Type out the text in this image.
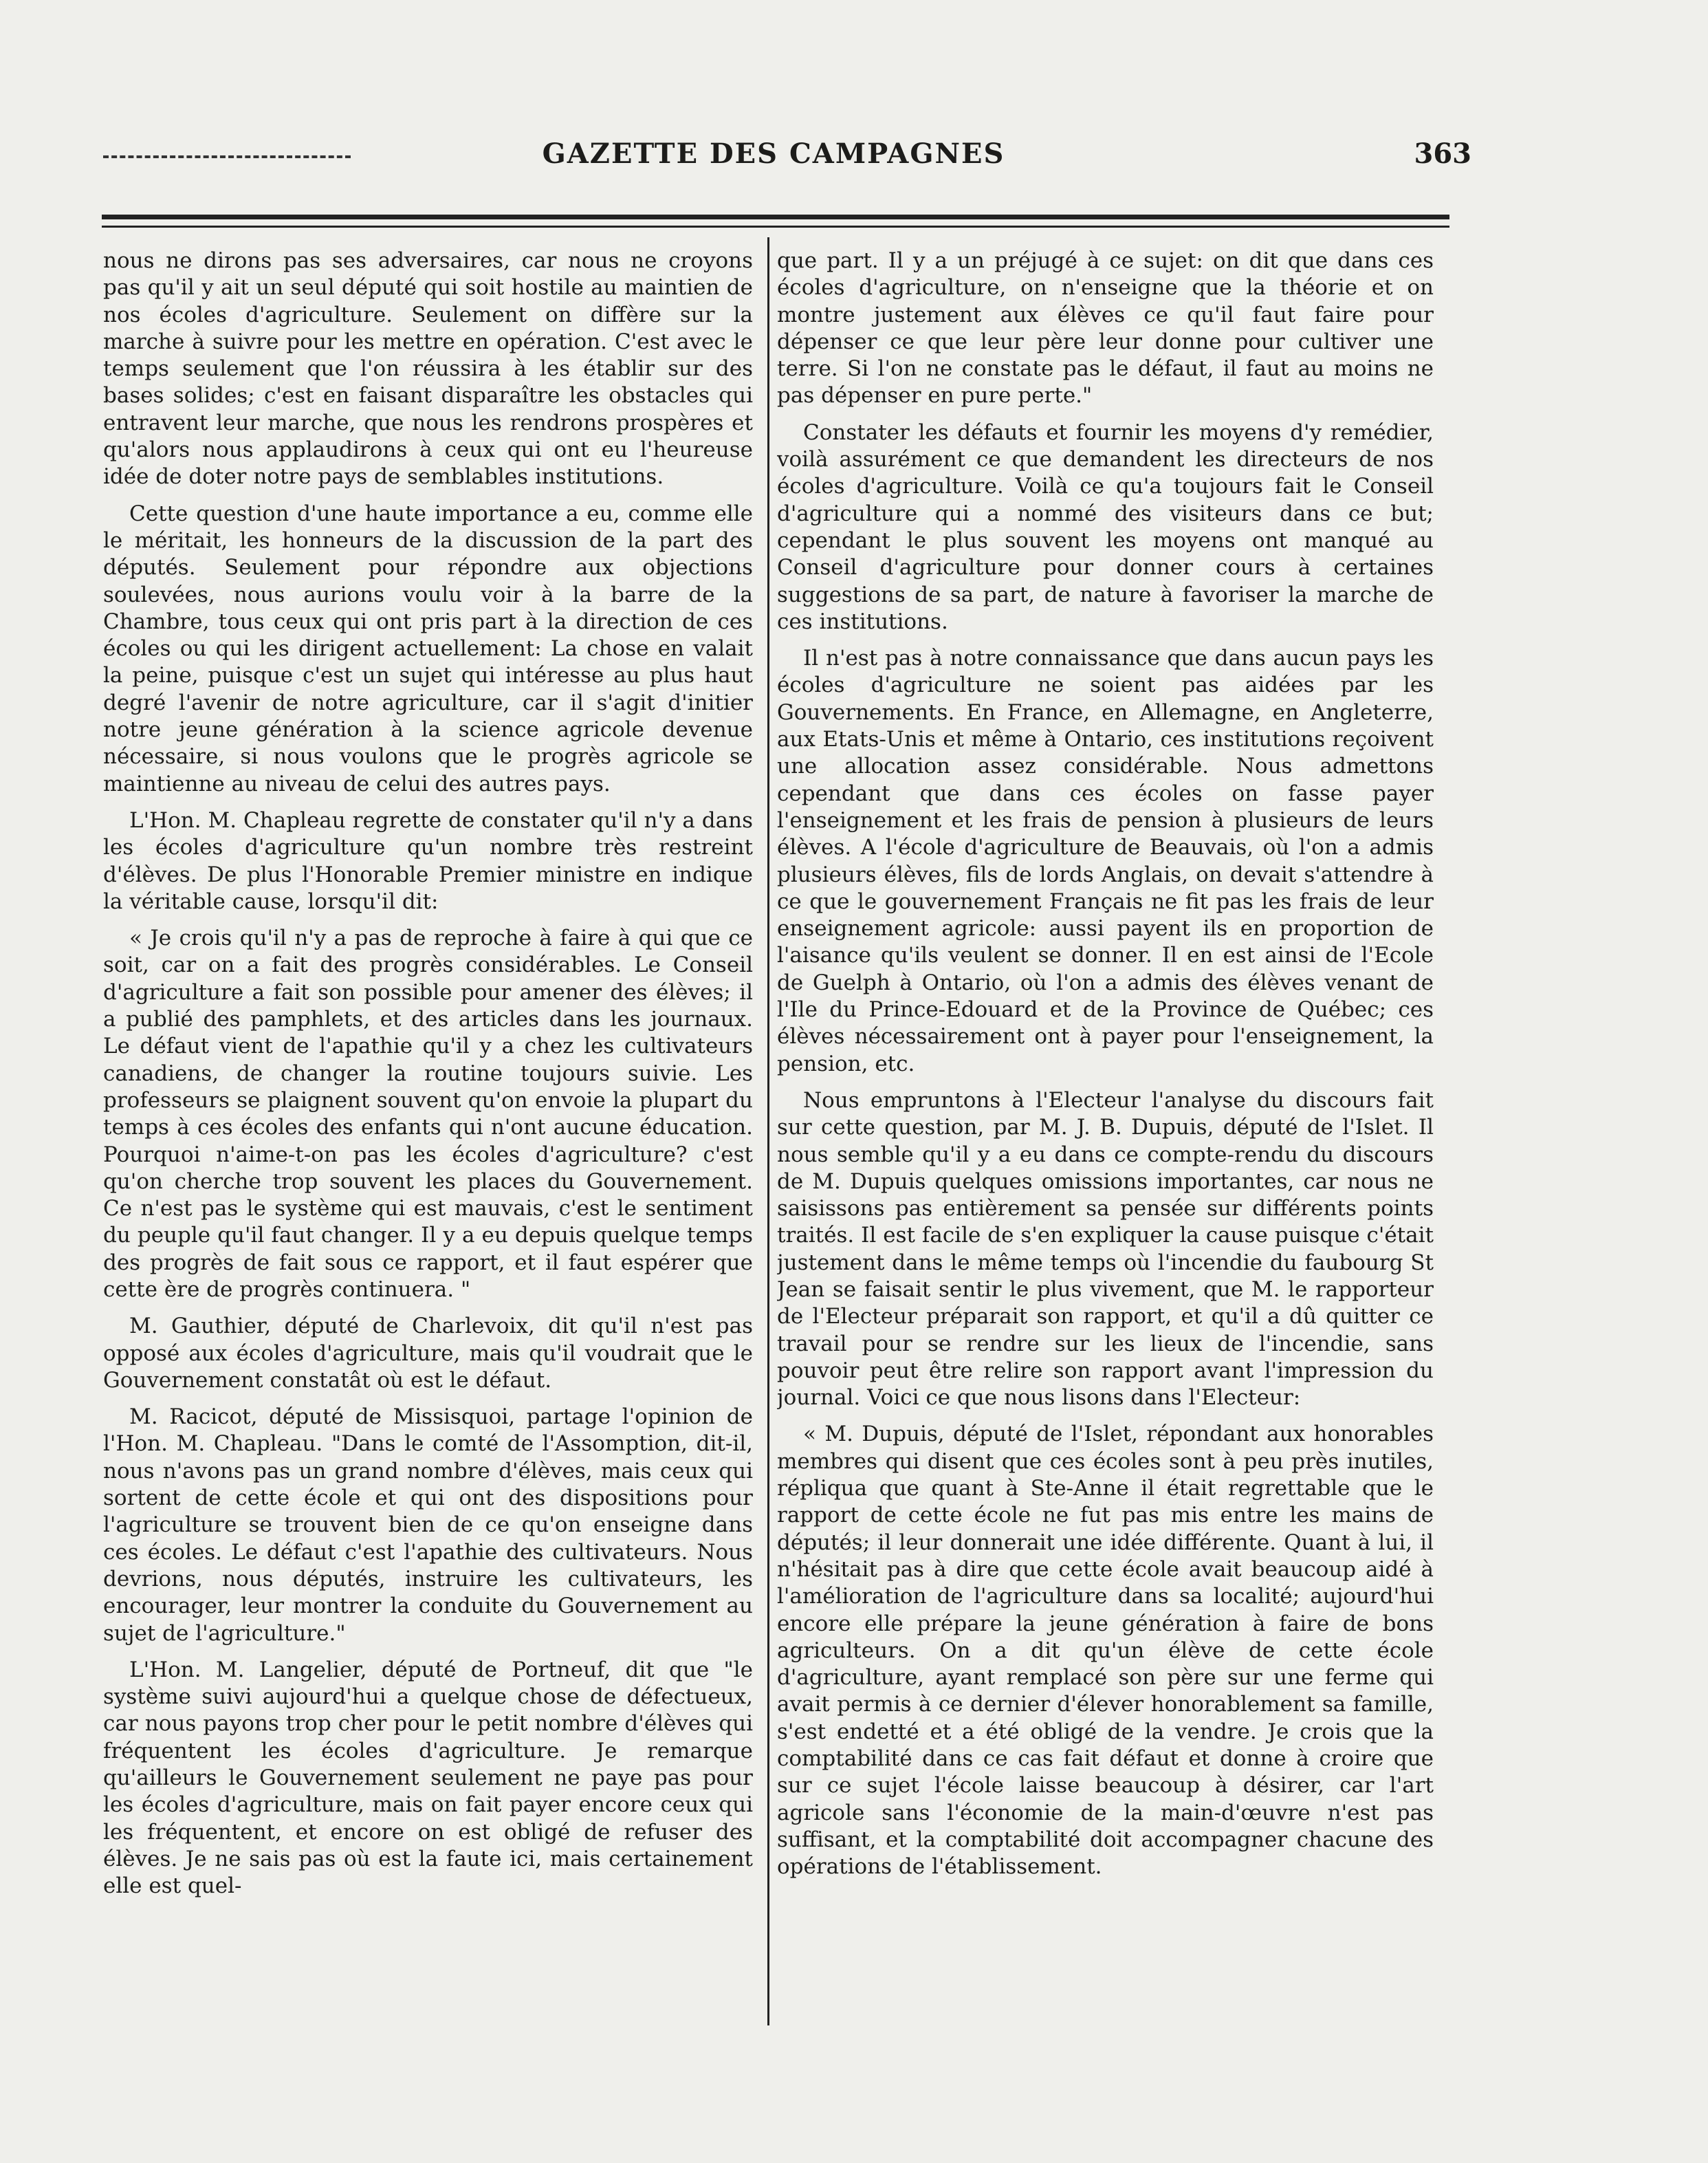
GAZETTE DES CAMPAGNES	363

nous ne dirons pas ses adversaires, car nous ne croyons pas qu'il y ait un seul député qui soit hostile au maintien de nos écoles d'agriculture. Seulement on diffère sur la marche à suivre pour les mettre en opération. C'est avec le temps seulement que l'on réussira à les établir sur des bases solides; c'est en faisant disparaître les obstacles qui entravent leur marche, que nous les rendrons prospères et qu'alors nous applaudirons à ceux qui ont eu l'heureuse idée de doter notre pays de semblables institutions.

Cette question d'une haute importance a eu, comme elle le méritait, les honneurs de la discussion de la part des députés. Seulement pour répondre aux objections soulevées, nous aurions voulu voir à la barre de la Chambre, tous ceux qui ont pris part à la direction de ces écoles ou qui les dirigent actuellement: La chose en valait la peine, puisque c'est un sujet qui intéresse au plus haut degré l'avenir de notre agriculture, car il s'agit d'initier notre jeune génération à la science agricole devenue nécessaire, si nous voulons que le progrès agricole se maintienne au niveau de celui des autres pays.

L'Hon. M. Chapleau regrette de constater qu'il n'y a dans les écoles d'agriculture qu'un nombre très restreint d'élèves. De plus l'Honorable Premier ministre en indique la véritable cause, lorsqu'il dit:

« Je crois qu'il n'y a pas de reproche à faire à qui que ce soit, car on a fait des progrès considérables. Le Conseil d'agriculture a fait son possible pour amener des élèves; il a publié des pamphlets, et des articles dans les journaux. Le défaut vient de l'apathie qu'il y a chez les cultivateurs canadiens, de changer la routine toujours suivie. Les professeurs se plaignent souvent qu'on envoie la plupart du temps à ces écoles des enfants qui n'ont aucune éducation. Pourquoi n'aime-t-on pas les écoles d'agriculture? c'est qu'on cherche trop souvent les places du Gouvernement. Ce n'est pas le système qui est mauvais, c'est le sentiment du peuple qu'il faut changer. Il y a eu depuis quelque temps des progrès de fait sous ce rapport, et il faut espérer que cette ère de progrès continuera. "

M. Gauthier, député de Charlevoix, dit qu'il n'est pas opposé aux écoles d'agriculture, mais qu'il voudrait que le Gouvernement constatât où est le défaut.

M. Racicot, député de Missisquoi, partage l'opinion de l'Hon. M. Chapleau. "Dans le comté de l'Assomption, dit-il, nous n'avons pas un grand nombre d'élèves, mais ceux qui sortent de cette école et qui ont des dispositions pour l'agriculture se trouvent bien de ce qu'on enseigne dans ces écoles. Le défaut c'est l'apathie des cultivateurs. Nous devrions, nous députés, instruire les cultivateurs, les encourager, leur montrer la conduite du Gouvernement au sujet de l'agriculture."

L'Hon. M. Langelier, député de Portneuf, dit que "le système suivi aujourd'hui a quelque chose de défectueux, car nous payons trop cher pour le petit nombre d'élèves qui fréquentent les écoles d'agriculture. Je remarque qu'ailleurs le Gouvernement seulement ne paye pas pour les écoles d'agriculture, mais on fait payer encore ceux qui les fréquentent, et encore on est obligé de refuser des élèves. Je ne sais pas où est la faute ici, mais certainement elle est quel-

que part. Il y a un préjugé à ce sujet: on dit que dans ces écoles d'agriculture, on n'enseigne que la théorie et on montre justement aux élèves ce qu'il faut faire pour dépenser ce que leur père leur donne pour cultiver une terre. Si l'on ne constate pas le défaut, il faut au moins ne pas dépenser en pure perte."

Constater les défauts et fournir les moyens d'y remédier, voilà assurément ce que demandent les directeurs de nos écoles d'agriculture. Voilà ce qu'a toujours fait le Conseil d'agriculture qui a nommé des visiteurs dans ce but; cependant le plus souvent les moyens ont manqué au Conseil d'agriculture pour donner cours à certaines suggestions de sa part, de nature à favoriser la marche de ces institutions.

Il n'est pas à notre connaissance que dans aucun pays les écoles d'agriculture ne soient pas aidées par les Gouvernements. En France, en Allemagne, en Angleterre, aux Etats-Unis et même à Ontario, ces institutions reçoivent une allocation assez considérable. Nous admettons cependant que dans ces écoles on fasse payer l'enseignement et les frais de pension à plusieurs de leurs élèves. A l'école d'agriculture de Beauvais, où l'on a admis plusieurs élèves, fils de lords Anglais, on devait s'attendre à ce que le gouvernement Français ne fit pas les frais de leur enseignement agricole: aussi payent ils en proportion de l'aisance qu'ils veulent se donner. Il en est ainsi de l'Ecole de Guelph à Ontario, où l'on a admis des élèves venant de l'Ile du Prince-Edouard et de la Province de Québec; ces élèves nécessairement ont à payer pour l'enseignement, la pension, etc.

Nous empruntons à l'Electeur l'analyse du discours fait sur cette question, par M. J. B. Dupuis, député de l'Islet. Il nous semble qu'il y a eu dans ce compte-rendu du discours de M. Dupuis quelques omissions importantes, car nous ne saisissons pas entièrement sa pensée sur différents points traités. Il est facile de s'en expliquer la cause puisque c'était justement dans le même temps où l'incendie du faubourg St Jean se faisait sentir le plus vivement, que M. le rapporteur de l'Electeur préparait son rapport, et qu'il a dû quitter ce travail pour se rendre sur les lieux de l'incendie, sans pouvoir peut être relire son rapport avant l'impression du journal. Voici ce que nous lisons dans l'Electeur:

« M. Dupuis, député de l'Islet, répondant aux honorables membres qui disent que ces écoles sont à peu près inutiles, répliqua que quant à Ste-Anne il était regrettable que le rapport de cette école ne fut pas mis entre les mains de députés; il leur donnerait une idée différente. Quant à lui, il n'hésitait pas à dire que cette école avait beaucoup aidé à l'amélioration de l'agriculture dans sa localité; aujourd'hui encore elle prépare la jeune génération à faire de bons agriculteurs. On a dit qu'un élève de cette école d'agriculture, ayant remplacé son père sur une ferme qui avait permis à ce dernier d'élever honorablement sa famille, s'est endetté et a été obligé de la vendre. Je crois que la comptabilité dans ce cas fait défaut et donne à croire que sur ce sujet l'école laisse beaucoup à désirer, car l'art agricole sans l'économie de la main-d'œuvre n'est pas suffisant, et la comptabilité doit accompagner chacune des opérations de l'établissement.
